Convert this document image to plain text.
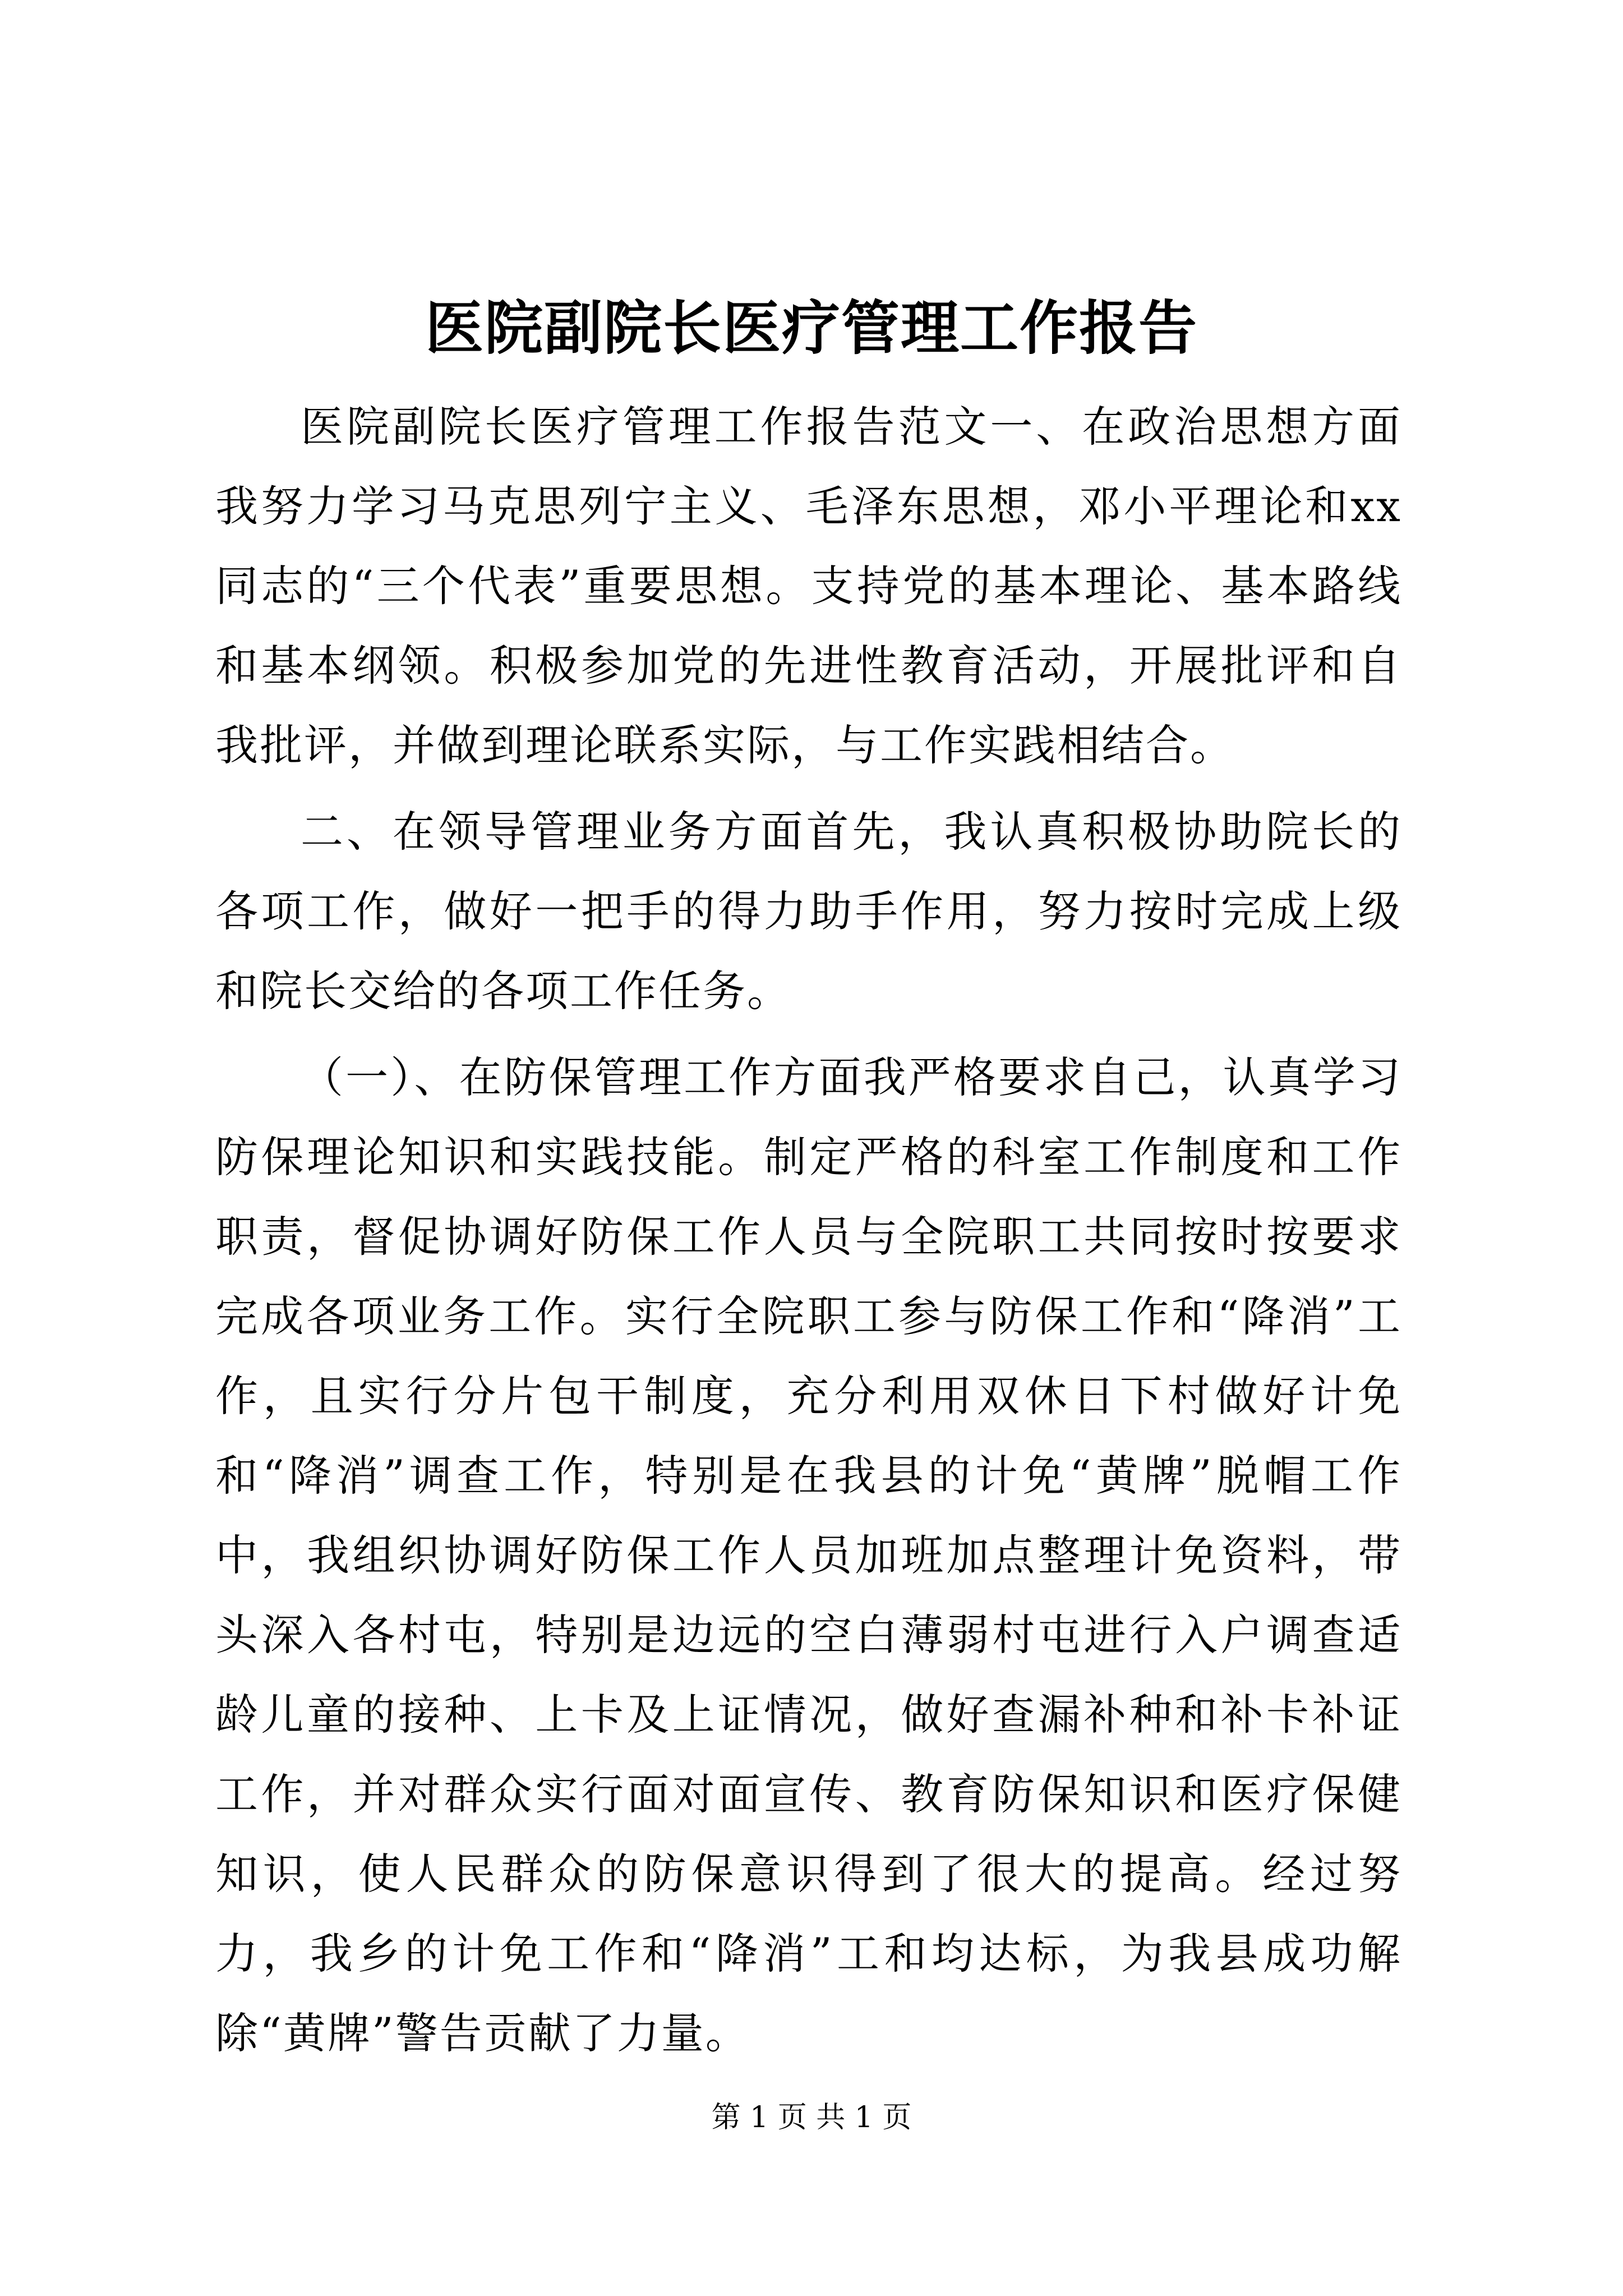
医院副院长医疗管理工作报告

医院副院长医疗管理工作报告范文一、在政治思想方面我努力学习马克思列宁主义、毛泽东思想，邓小平理论和xx同志的“三个代表”重要思想。支持党的基本理论、基本路线和基本纲领。积极参加党的先进性教育活动，开展批评和自我批评，并做到理论联系实际，与工作实践相结合。

二、在领导管理业务方面首先，我认真积极协助院长的各项工作，做好一把手的得力助手作用，努力按时完成上级和院长交给的各项工作任务。

（一）、在防保管理工作方面我严格要求自己，认真学习防保理论知识和实践技能。制定严格的科室工作制度和工作职责，督促协调好防保工作人员与全院职工共同按时按要求完成各项业务工作。实行全院职工参与防保工作和“降消”工作，且实行分片包干制度，充分利用双休日下村做好计免和“降消”调查工作，特别是在我县的计免“黄牌”脱帽工作中，我组织协调好防保工作人员加班加点整理计免资料，带头深入各村屯，特别是边远的空白薄弱村屯进行入户调查适龄儿童的接种、上卡及上证情况，做好查漏补种和补卡补证工作，并对群众实行面对面宣传、教育防保知识和医疗保健知识，使人民群众的防保意识得到了很大的提高。经过努力，我乡的计免工作和“降消”工和均达标，为我县成功解除“黄牌”警告贡献了力量。

第 1 页 共 1 页
